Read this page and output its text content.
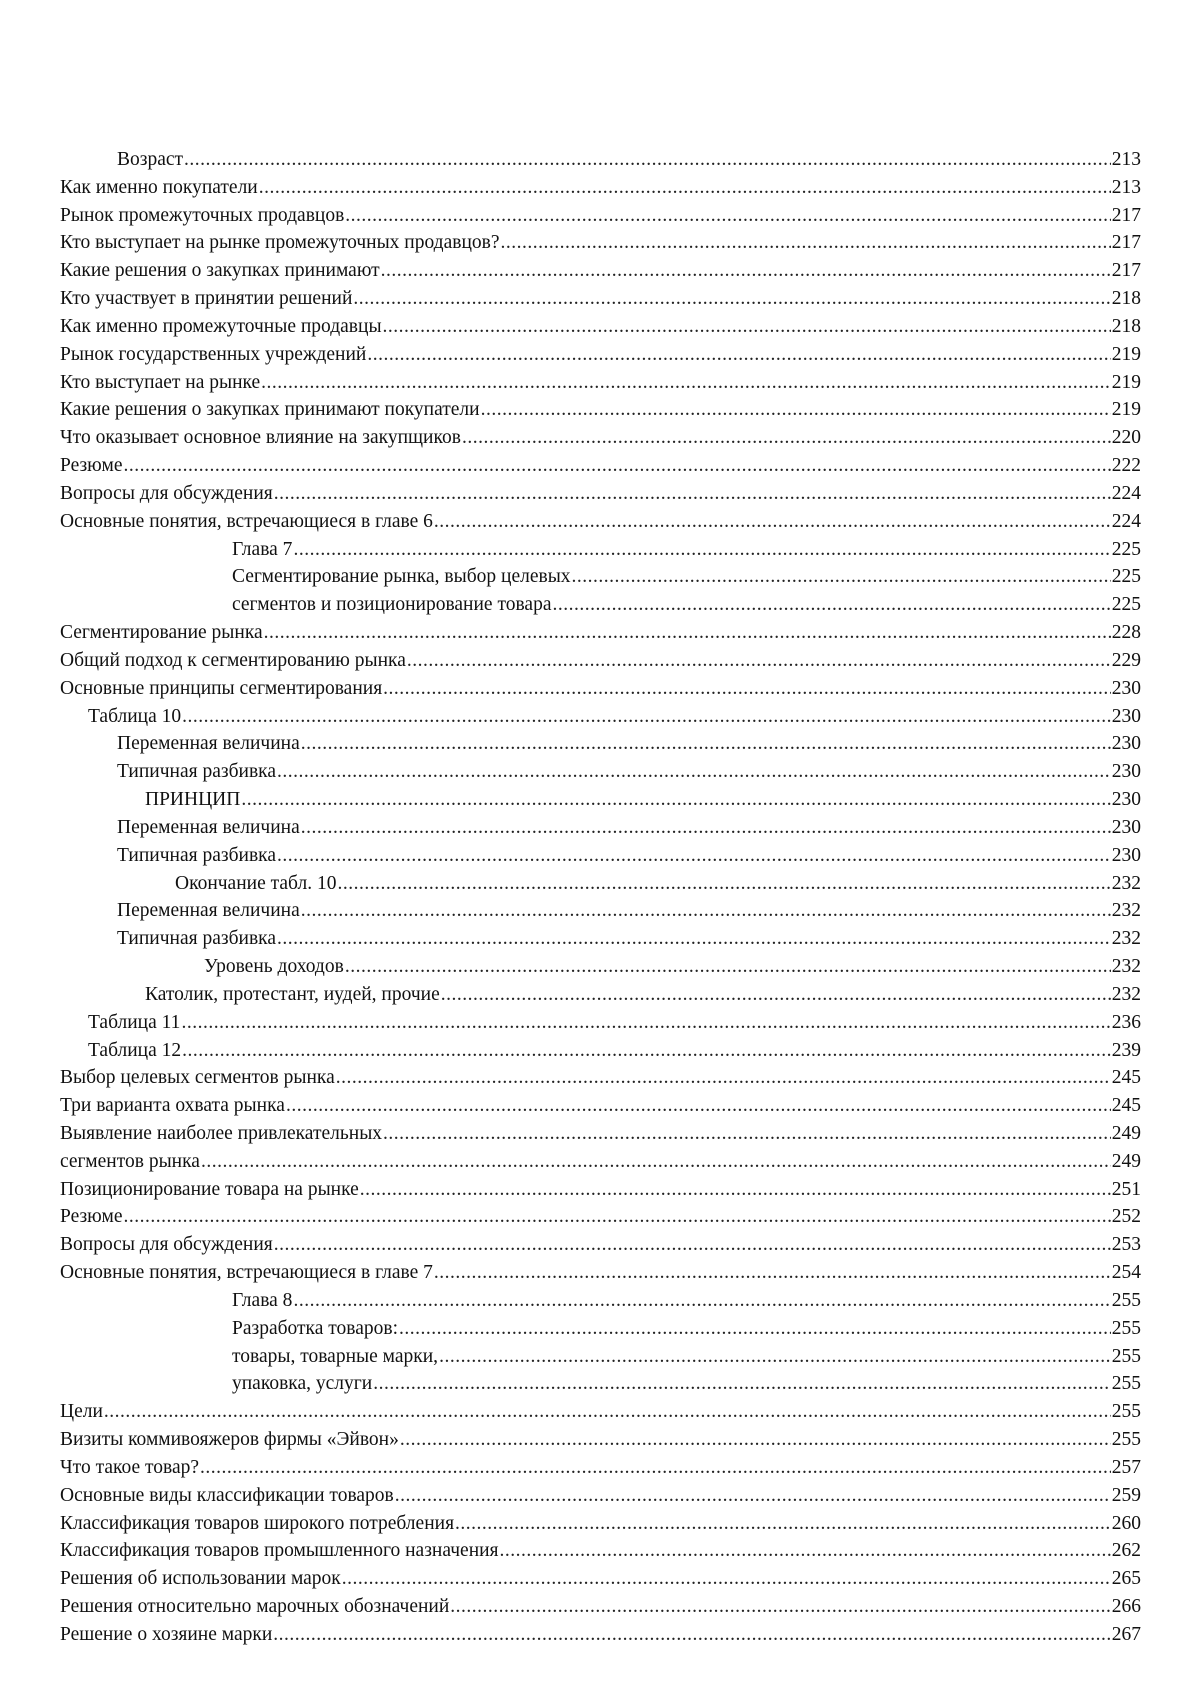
Возраст
.....	213
Как именно покупатели
.....	213
Рынок промежуточных продавцов
.....	217
Кто выступает на рынке промежуточных продавцов?
.....	217
Какие решения о закупках принимают
.....	217
Кто участвует в принятии решений
.....	218
Как именно промежуточные продавцы
.....	218
Рынок государственных учреждений
.....	219
Кто выступает на рынке
.....	219
Какие решения о закупках принимают покупатели
.....	219
Что оказывает основное влияние на закупщиков
.....	220
Резюме
.....	222
Вопросы для обсуждения
.....	224
Основные понятия, встречающиеся в главе 6
.....	224
Глава 7
.....	225
Сегментирование рынка, выбор целевых
.....	225
сегментов и позиционирование товара
.....	225
Сегментирование рынка
.....	228
Общий подход к сегментированию рынка
.....	229
Основные принципы сегментирования
.....	230
Таблица 10
.....	230
Переменная величина
.....	230
Типичная разбивка
.....	230
ПРИНЦИП
.....	230
Переменная величина
.....	230
Типичная разбивка
.....	230
Окончание табл. 10
.....	232
Переменная величина
.....	232
Типичная разбивка
.....	232
Уровень доходов
.....	232
Католик, протестант, иудей, прочие
.....	232
Таблица 11
.....	236
Таблица 12
.....	239
Выбор целевых сегментов рынка
.....	245
Три варианта охвата рынка
.....	245
Выявление наиболее привлекательных
.....	249
сегментов рынка
.....	249
Позиционирование товара на рынке
.....	251
Резюме
.....	252
Вопросы для обсуждения
.....	253
Основные понятия, встречающиеся в главе 7
.....	254
Глава 8
.....	255
Разработка товаров:
.....	255
товары, товарные марки,
.....	255
упаковка, услуги
.....	255
Цели
.....	255
Визиты коммивояжеров фирмы «Эйвон»
.....	255
Что такое товар?
.....	257
Основные виды классификации товаров
.....	259
Классификация товаров широкого потребления
.....	260
Классификация товаров промышленного назначения
.....	262
Решения об использовании марок
.....	265
Решения относительно марочных обозначений
.....	266
Решение о хозяине марки
.....	267
